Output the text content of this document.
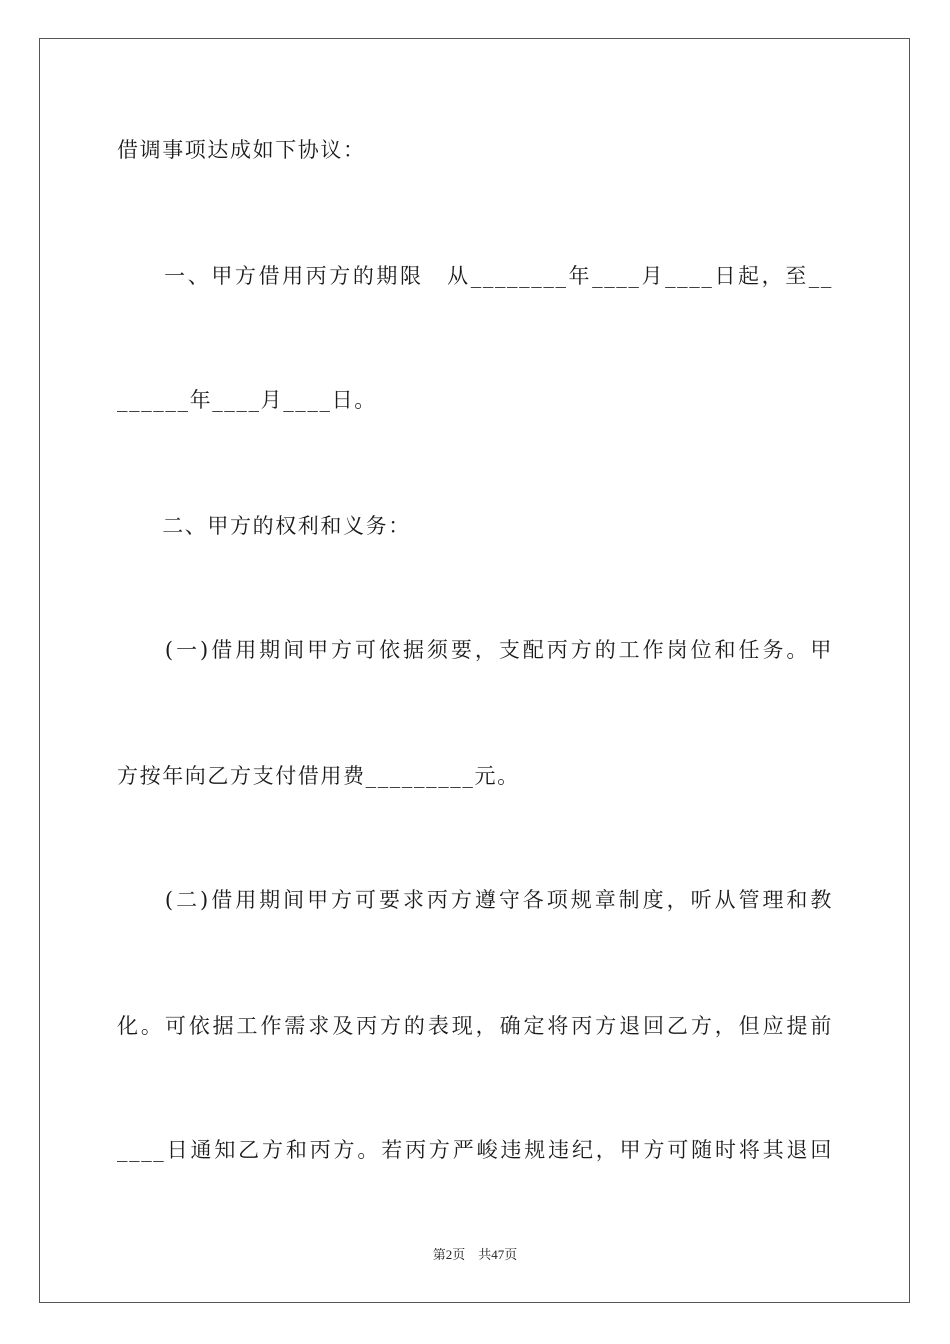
借调事项达成如下协议：
　　一、甲方借用丙方的期限　从________年____月____日起，至__
______年____月____日。
　　二、甲方的权利和义务：
　　(一)借用期间甲方可依据须要，支配丙方的工作岗位和任务。甲
方按年向乙方支付借用费_________元。
　　(二)借用期间甲方可要求丙方遵守各项规章制度，听从管理和教
化。可依据工作需求及丙方的表现，确定将丙方退回乙方，但应提前
____日通知乙方和丙方。若丙方严峻违规违纪，甲方可随时将其退回
第2页　共47页
